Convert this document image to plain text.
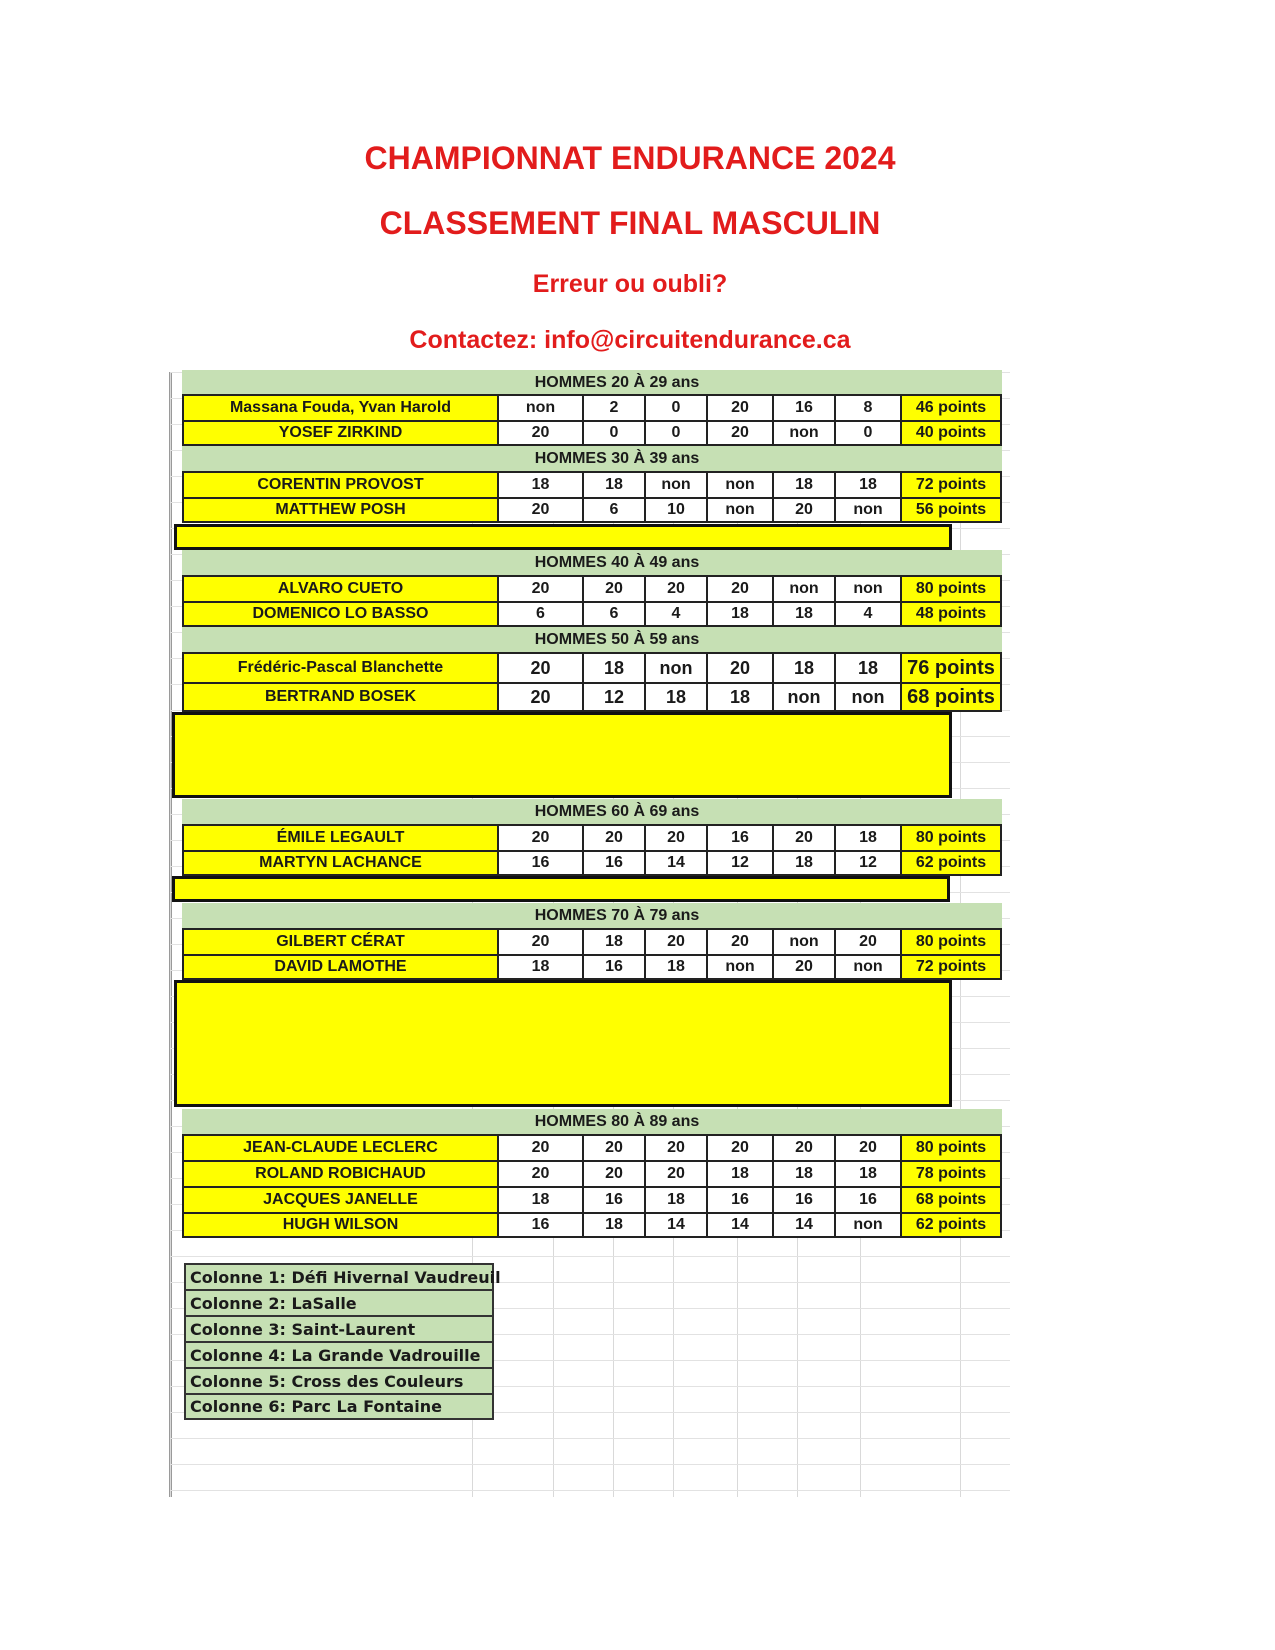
CHAMPIONNAT ENDURANCE 2024
CLASSEMENT FINAL MASCULIN
Erreur ou oubli?
Contactez: info@circuitendurance.ca
HOMMES 20 À 29 ans
Massana Fouda, Yvan Harold	non	2	0	20	16	8	46 points
YOSEF ZIRKIND	20	0	0	20	non	0	40 points
HOMMES 30 À 39 ans
CORENTIN PROVOST	18	18	non	non	18	18	72 points
MATTHEW POSH	20	6	10	non	20	non	56 points
HOMMES 40 À 49 ans
ALVARO CUETO	20	20	20	20	non	non	80 points
DOMENICO LO BASSO	6	6	4	18	18	4	48 points
HOMMES 50 À 59 ans
Frédéric-Pascal Blanchette	20	18	non	20	18	18	76 points
BERTRAND BOSEK	20	12	18	18	non	non	68 points
HOMMES 60 À 69 ans
ÉMILE LEGAULT	20	20	20	16	20	18	80 points
MARTYN LACHANCE	16	16	14	12	18	12	62 points
HOMMES 70 À 79 ans
GILBERT CÉRAT	20	18	20	20	non	20	80 points
DAVID LAMOTHE	18	16	18	non	20	non	72 points
HOMMES 80 À 89 ans
JEAN-CLAUDE LECLERC	20	20	20	20	20	20	80 points
ROLAND ROBICHAUD	20	20	20	18	18	18	78 points
JACQUES JANELLE	18	16	18	16	16	16	68 points
HUGH WILSON	16	18	14	14	14	non	62 points
Colonne 1: Défi Hivernal Vaudreuil
Colonne 2: LaSalle
Colonne 3: Saint-Laurent
Colonne 4: La Grande Vadrouille
Colonne 5: Cross des Couleurs
Colonne 6: Parc La Fontaine
